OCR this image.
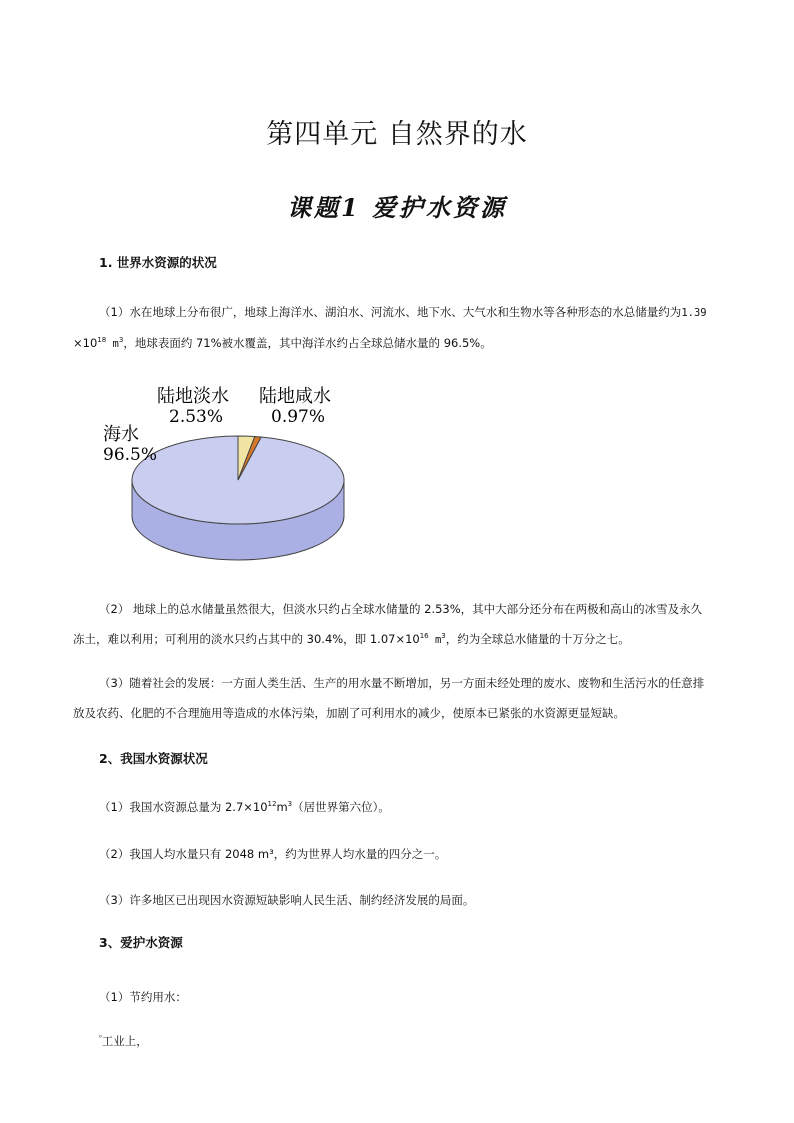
第四单元 自然界的水
课题1 爱护水资源
1. 世界水资源的状况
（1）水在地球上分布很广，地球上海洋水、湖泊水、河流水、地下水、大气水和生物水等各种形态的水总储量约为1.39
$\times 10^{18}$ $m^3$，地球表面约 71%被水覆盖，其中海洋水约占全球总储水量的 96.5%。
海水
96.5%
陆地淡水
2.53%
陆地咸水
0.97%
（2） 地球上的总水储量虽然很大，但淡水只约占全球水储量的 2.53%，其中大部分还分布在两极和高山的冰雪及永久
冻土，难以利用；可利用的淡水只约占其中的 30.4%，即 $1.07\times 10^{16}$ $m^3$，约为全球总水储量的十万分之七。
（3）随着社会的发展：一方面人类生活、生产的用水量不断增加，另一方面未经处理的废水、废物和生活污水的任意排
放及农药、化肥的不合理施用等造成的水体污染，加剧了可利用水的减少，使原本已紧张的水资源更显短缺。
2、我国水资源状况
（1）我国水资源总量为 $2.7\times 10^{12}m^3$（居世界第六位）。
（2）我国人均水量只有 2048 m³，约为世界人均水量的四分之一。
（3）许多地区已出现因水资源短缺影响人民生活、制约经济发展的局面。
3、爱护水资源
（1）节约用水：
$^{^0}$工业上，
